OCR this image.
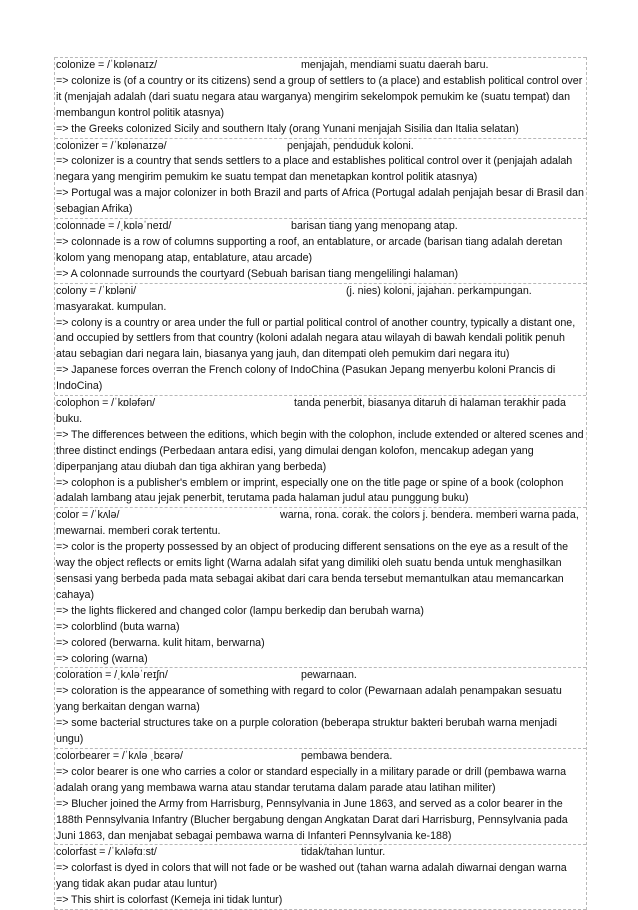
colonize = /ˈkɒlənaɪz/	menjajah, mendiami suatu daerah baru.
=> colonize is (of a country or its citizens) send a group of settlers to (a place) and establish political control over it (menjajah adalah (dari suatu negara atau warganya) mengirim sekelompok pemukim ke (suatu tempat) dan membangun kontrol politik atasnya)
=> the Greeks colonized Sicily and southern Italy (orang Yunani menjajah Sisilia dan Italia selatan)
colonizer = /ˈkɒlənaɪzə/	penjajah, penduduk koloni.
=> colonizer is a country that sends settlers to a place and establishes political control over it (penjajah adalah negara yang mengirim pemukim ke suatu tempat dan menetapkan kontrol politik atasnya)
=> Portugal was a major colonizer in both Brazil and parts of Africa (Portugal adalah penjajah besar di Brasil dan sebagian Afrika)
colonnade = /ˌkɒləˈneɪd/	barisan tiang yang menopang atap.
=> colonnade is a row of columns supporting a roof, an entablature, or arcade (barisan tiang adalah deretan kolom yang menopang atap, entablature, atau arcade)
=> A colonnade surrounds the courtyard (Sebuah barisan tiang mengelilingi halaman)
colony = /ˈkɒləni/	(j. nies) koloni, jajahan. perkampungan. masyarakat. kumpulan.
=> colony is a country or area under the full or partial political control of another country, typically a distant one, and occupied by settlers from that country (koloni adalah negara atau wilayah di bawah kendali politik penuh atau sebagian dari negara lain, biasanya yang jauh, dan ditempati oleh pemukim dari negara itu)
=> Japanese forces overran the French colony of IndoChina (Pasukan Jepang menyerbu koloni Prancis di IndoCina)
colophon = /ˈkɒləfən/	tanda penerbit, biasanya ditaruh di halaman terakhir pada buku.
=> The differences between the editions, which begin with the colophon, include extended or altered scenes and three distinct endings (Perbedaan antara edisi, yang dimulai dengan kolofon, mencakup adegan yang diperpanjang atau diubah dan tiga akhiran yang berbeda)
=> colophon is a publisher's emblem or imprint, especially one on the title page or spine of a book (colophon adalah lambang atau jejak penerbit, terutama pada halaman judul atau punggung buku)
color = /ˈkʌlə/	warna, rona. corak. the colors j. bendera. memberi warna pada, mewarnai. memberi corak tertentu.
=> color is the property possessed by an object of producing different sensations on the eye as a result of the way the object reflects or emits light (Warna adalah sifat yang dimiliki oleh suatu benda untuk menghasilkan sensasi yang berbeda pada mata sebagai akibat dari cara benda tersebut memantulkan atau memancarkan cahaya)
=> the lights flickered and changed color (lampu berkedip dan berubah warna)
=> colorblind (buta warna)
=> colored (berwarna. kulit hitam, berwarna)
=> coloring (warna)
coloration = /ˌkʌləˈreɪʃn/	pewarnaan.
=> coloration is the appearance of something with regard to color (Pewarnaan adalah penampakan sesuatu yang berkaitan dengan warna)
=> some bacterial structures take on a purple coloration (beberapa struktur bakteri berubah warna menjadi ungu)
colorbearer = /ˈkʌlə ˌbɛərə/	pembawa bendera.
=> color bearer is one who carries a color or standard especially in a military parade or drill (pembawa warna adalah orang yang membawa warna atau standar terutama dalam parade atau latihan militer)
=> Blucher joined the Army from Harrisburg, Pennsylvania in June 1863, and served as a color bearer in the 188th Pennsylvania Infantry (Blucher bergabung dengan Angkatan Darat dari Harrisburg, Pennsylvania pada Juni 1863, dan menjabat sebagai pembawa warna di Infanteri Pennsylvania ke-188)
colorfast = /ˈkʌləfɑːst/	tidak/tahan luntur.
=> colorfast is dyed in colors that will not fade or be washed out (tahan warna adalah diwarnai dengan warna yang tidak akan pudar atau luntur)
=> This shirt is colorfast (Kemeja ini tidak luntur)
